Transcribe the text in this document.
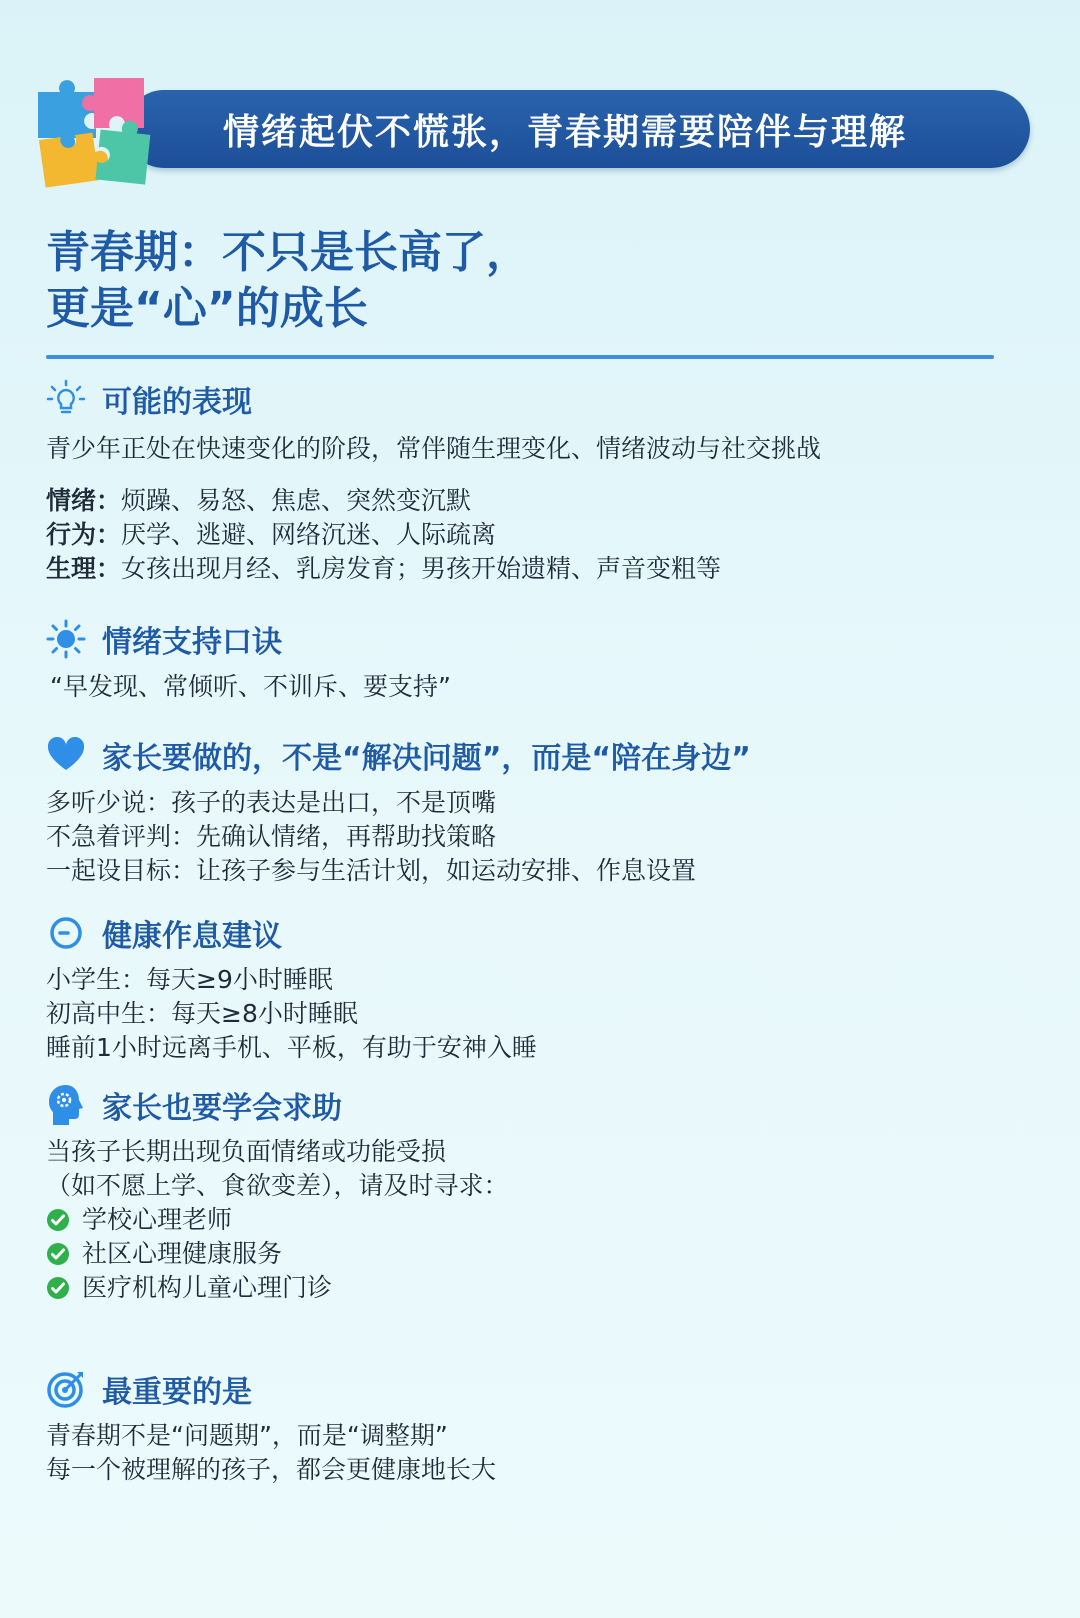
情绪起伏不慌张，青春期需要陪伴与理解
青春期：不只是长高了，
更是“心”的成长
可能的表现
青少年正处在快速变化的阶段，常伴随生理变化、情绪波动与社交挑战
情绪：烦躁、易怒、焦虑、突然变沉默
行为：厌学、逃避、网络沉迷、人际疏离
生理：女孩出现月经、乳房发育；男孩开始遗精、声音变粗等
情绪支持口诀
“早发现、常倾听、不训斥、要支持”
家长要做的，不是“解决问题”，而是“陪在身边”
多听少说：孩子的表达是出口，不是顶嘴
不急着评判：先确认情绪，再帮助找策略
一起设目标：让孩子参与生活计划，如运动安排、作息设置
健康作息建议
小学生：每天≥9小时睡眠
初高中生：每天≥8小时睡眠
睡前1小时远离手机、平板，有助于安神入睡
家长也要学会求助
当孩子长期出现负面情绪或功能受损
（如不愿上学、食欲变差），请及时寻求：
学校心理老师
社区心理健康服务
医疗机构儿童心理门诊
最重要的是
青春期不是“问题期”，而是“调整期”
每一个被理解的孩子，都会更健康地长大
